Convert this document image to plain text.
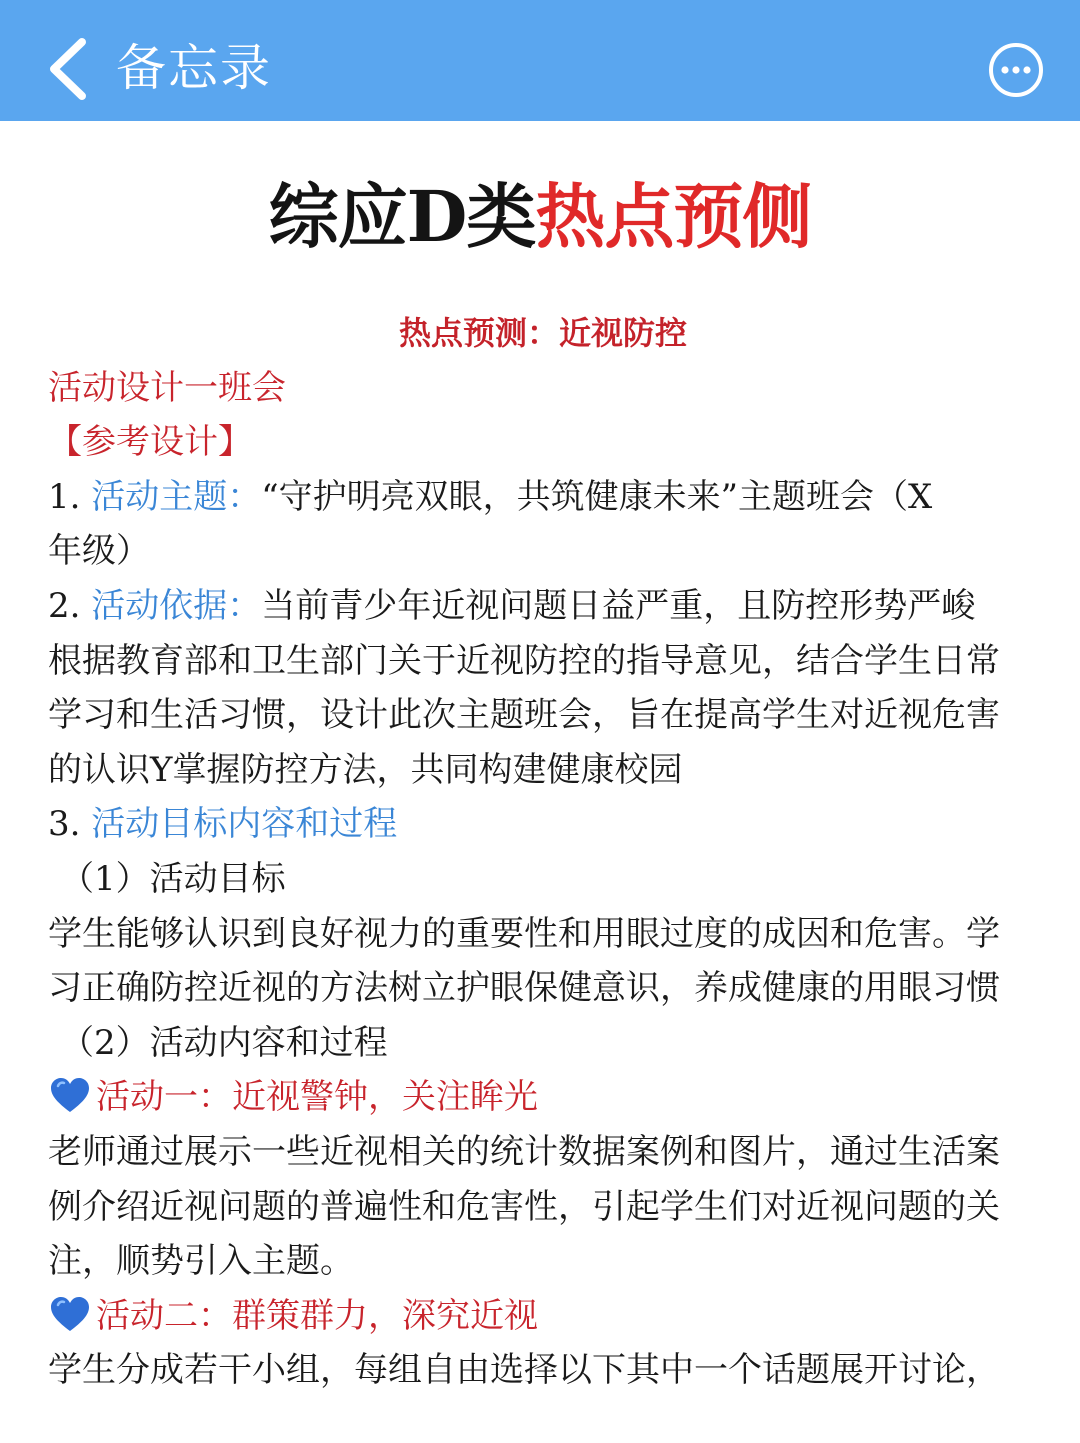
备忘录
综应D类热点预侧
热点预测：近视防控
活动设计一班会
【参考设计】
1. 活动主题：“守护明亮双眼，共筑健康未来”主题班会（X
年级）
2. 活动依据：当前青少年近视问题日益严重，且防控形势严峻
根据教育部和卫生部门关于近视防控的指导意见，结合学生日常
学习和生活习惯，设计此次主题班会，旨在提高学生对近视危害
的认识Y掌握防控方法，共同构建健康校园
3. 活动目标内容和过程
（1）活动目标
学生能够认识到良好视力的重要性和用眼过度的成因和危害。学
习正确防控近视的方法树立护眼保健意识，养成健康的用眼习惯
（2）活动内容和过程
活动一：近视警钟，关注眸光
老师通过展示一些近视相关的统计数据案例和图片，通过生活案
例介绍近视问题的普遍性和危害性，引起学生们对近视问题的关
注，顺势引入主题。
活动二：群策群力，深究近视
学生分成若干小组，每组自由选择以下其中一个话题展开讨论，
